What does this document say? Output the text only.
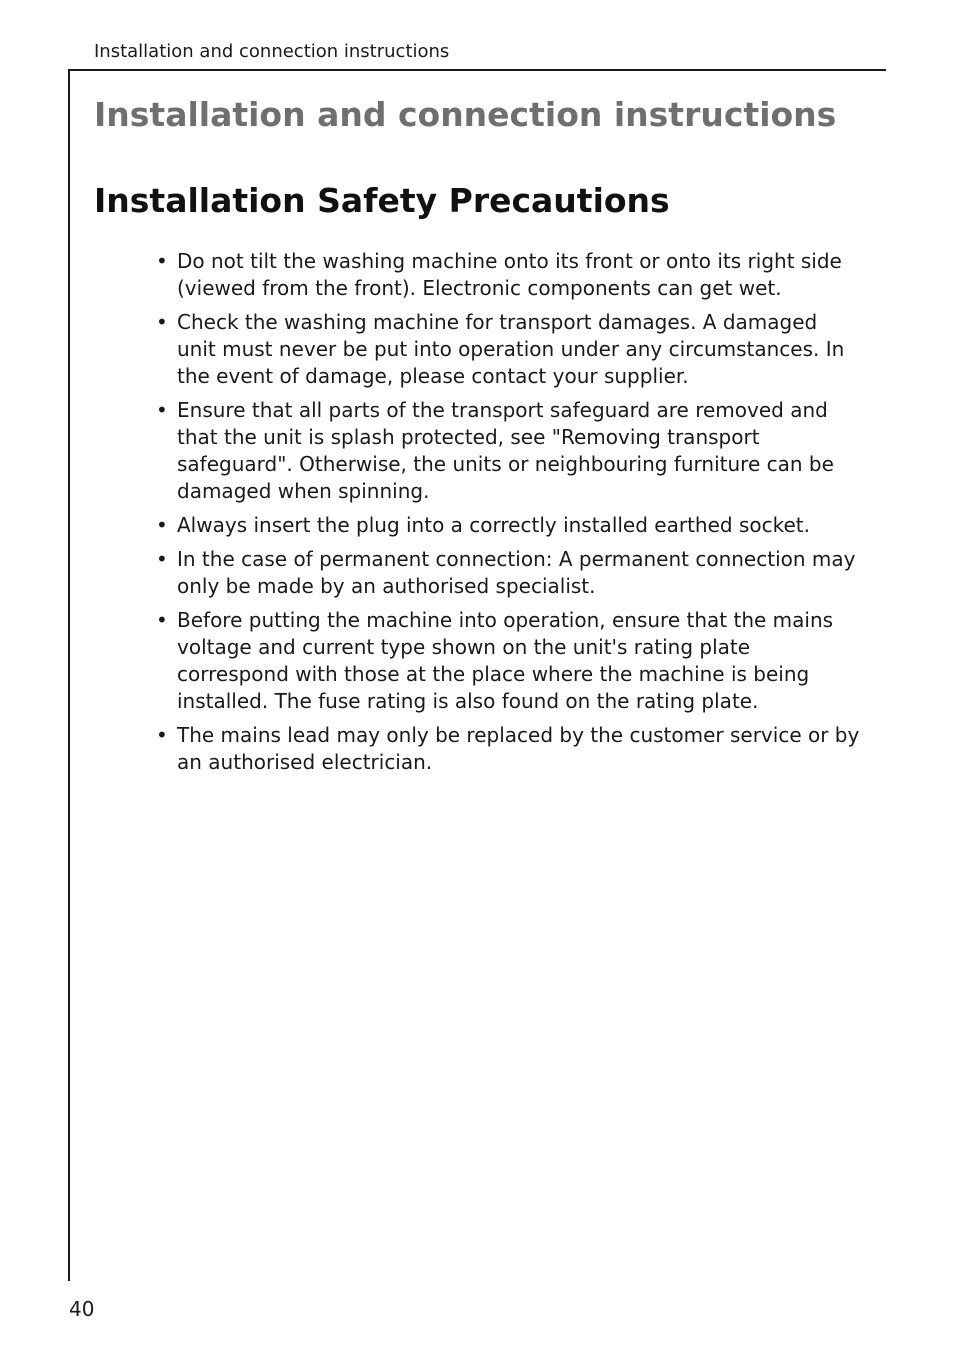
Installation and connection instructions
Installation and connection instructions
Installation Safety Precautions
• Do not tilt the washing machine onto its front or onto its right side (viewed from the front). Electronic components can get wet.
• Check the washing machine for transport damages. A damaged unit must never be put into operation under any circumstances. In the event of damage, please contact your supplier.
• Ensure that all parts of the transport safeguard are removed and that the unit is splash protected, see "Removing transport safeguard". Otherwise, the units or neighbouring furniture can be damaged when spinning.
• Always insert the plug into a correctly installed earthed socket.
• In the case of permanent connection: A permanent connection may only be made by an authorised specialist.
• Before putting the machine into operation, ensure that the mains voltage and current type shown on the unit's rating plate correspond with those at the place where the machine is being installed. The fuse rating is also found on the rating plate.
• The mains lead may only be replaced by the customer service or by an authorised electrician.
40
